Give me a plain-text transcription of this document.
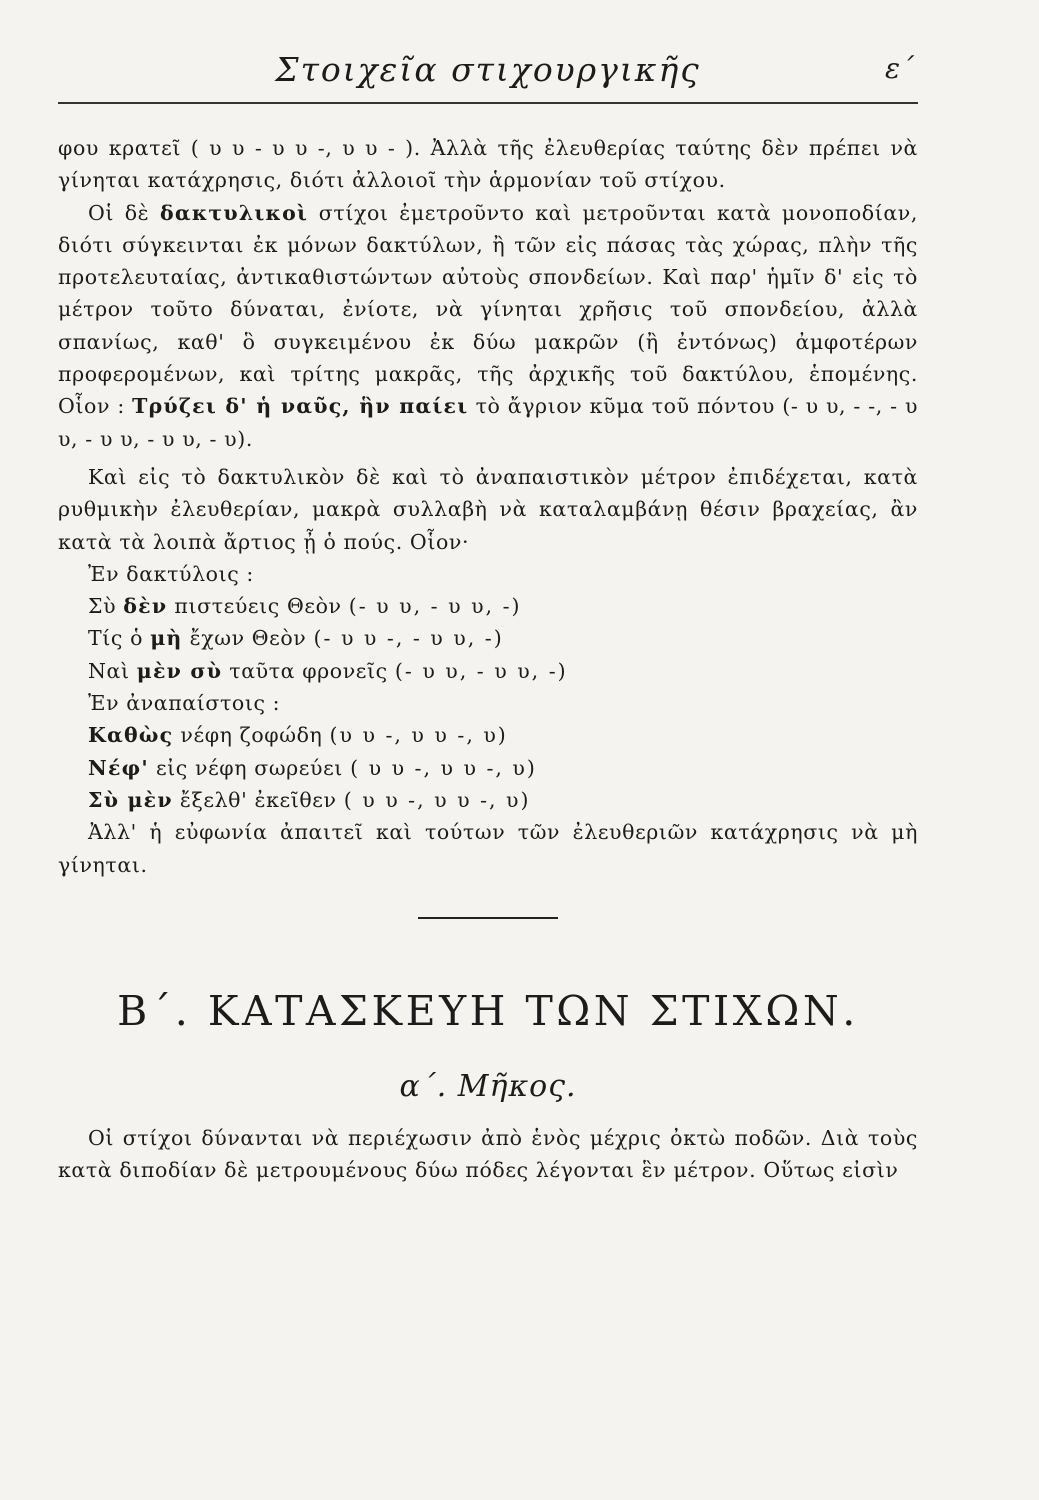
Στοιχεῖα στιχουργικῆς	ε΄

φου κρατεῖ ( υ υ - υ υ -, υ υ - ). Ἀλλὰ τῆς ἐλευθερίας ταύτης δὲν πρέπει νὰ γίνηται κατάχρησις, διότι ἀλλοιοῖ τὴν ἁρμονίαν τοῦ στίχου.

Οἱ δὲ δακτυλικοὶ στίχοι ἐμετροῦντο καὶ μετροῦνται κατὰ μονοποδίαν, διότι σύγκεινται ἐκ μόνων δακτύλων, ἢ τῶν εἰς πάσας τὰς χώρας, πλὴν τῆς προτελευταίας, ἀντικαθιστώντων αὐτοὺς σπονδείων. Καὶ παρ' ἡμῖν δ' εἰς τὸ μέτρον τοῦτο δύναται, ἐνίοτε, νὰ γίνηται χρῆσις τοῦ σπονδείου, ἀλλὰ σπανίως, καθ' ὃ συγκειμένου ἐκ δύω μακρῶν (ἢ ἐντόνως) ἀμφοτέρων προφερομένων, καὶ τρίτης μακρᾶς, τῆς ἀρχικῆς τοῦ δακτύλου, ἑπομένης. Οἷον : Τρύζει δ' ἡ ναῦς, ἣν παίει τὸ ἄγριον κῦμα τοῦ πόντου (- υ υ, - -, - υ υ, - υ υ, - υ υ, - υ).

Καὶ εἰς τὸ δακτυλικὸν δὲ καὶ τὸ ἀναπαιστικὸν μέτρον ἐπιδέχεται, κατὰ ρυθμικὴν ἐλευθερίαν, μακρὰ συλλαβὴ νὰ καταλαμβάνῃ θέσιν βραχείας, ἂν κατὰ τὰ λοιπὰ ἄρτιος ᾖ ὁ πούς. Οἷον·

Ἐν δακτύλοις :

Σὺ δὲν πιστεύεις Θεὸν (- υ υ, - υ υ, -)

Τίς ὁ μὴ ἔχων Θεὸν (- υ υ -, - υ υ, -)

Ναὶ μὲν σὺ ταῦτα φρονεῖς (- υ υ, - υ υ, -)

Ἐν ἀναπαίστοις :

Καθὼς νέφη ζοφώδη (υ υ -, υ υ -, υ)

Νέφ' εἰς νέφη σωρεύει ( υ υ -, υ υ -, υ)

Σὺ μὲν ἔξελθ' ἐκεῖθεν ( υ υ -, υ υ -, υ)

Ἀλλ' ἡ εὐφωνία ἀπαιτεῖ καὶ τούτων τῶν ἐλευθεριῶν κατάχρησις νὰ μὴ γίνηται.

Β΄. ΚΑΤΑΣΚΕΥΗ ΤΩΝ ΣΤΙΧΩΝ.
α΄. Μῆκος.

Οἱ στίχοι δύνανται νὰ περιέχωσιν ἀπὸ ἑνὸς μέχρις ὀκτὼ ποδῶν. Διὰ τοὺς κατὰ διποδίαν δὲ μετρουμένους δύω πόδες λέγονται ἓν μέτρον. Οὕτως εἰσὶν
